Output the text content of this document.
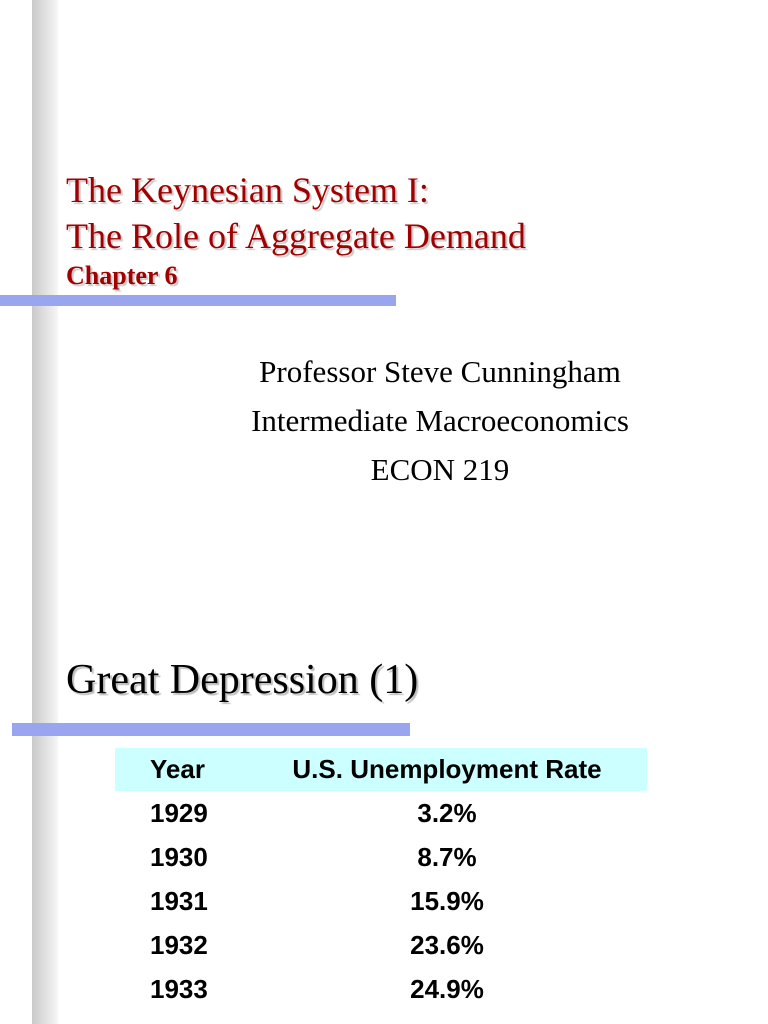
The Keynesian System I:
The Role of Aggregate Demand
Chapter 6
Professor Steve Cunningham
Intermediate Macroeconomics
ECON 219
Great Depression (1)
Year	U.S. Unemployment Rate
1929	3.2%
1930	8.7%
1931	15.9%
1932	23.6%
1933	24.9%
